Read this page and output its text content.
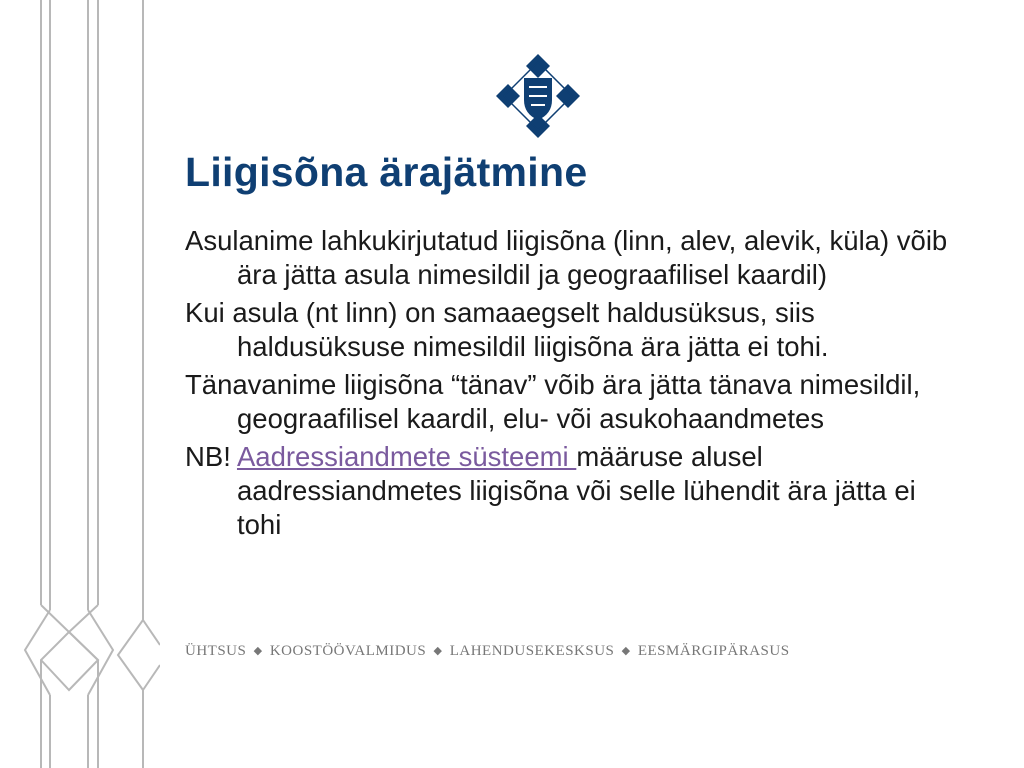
Liigisõna ärajätmine

Asulanime lahkukirjutatud liigisõna (linn, alev, alevik, küla) võib ära jätta asula nimesildil ja geograafilisel kaardil)

Kui asula (nt linn) on samaaegselt haldusüksus, siis haldusüksuse nimesildil liigisõna ära jätta ei tohi.

Tänavanime liigisõna “tänav” võib ära jätta tänava nimesildil, geograafilisel kaardil, elu- või asukohaandmetes

NB! Aadressiandmete süsteemi määruse alusel aadressiandmetes liigisõna või selle lühendit ära jätta ei tohi

ÜHTSUS ◆ KOOSTÖÖVALMIDUS ◆ LAHENDUSEKESKSUS ◆ EESMÄRGIPÄRASUS
